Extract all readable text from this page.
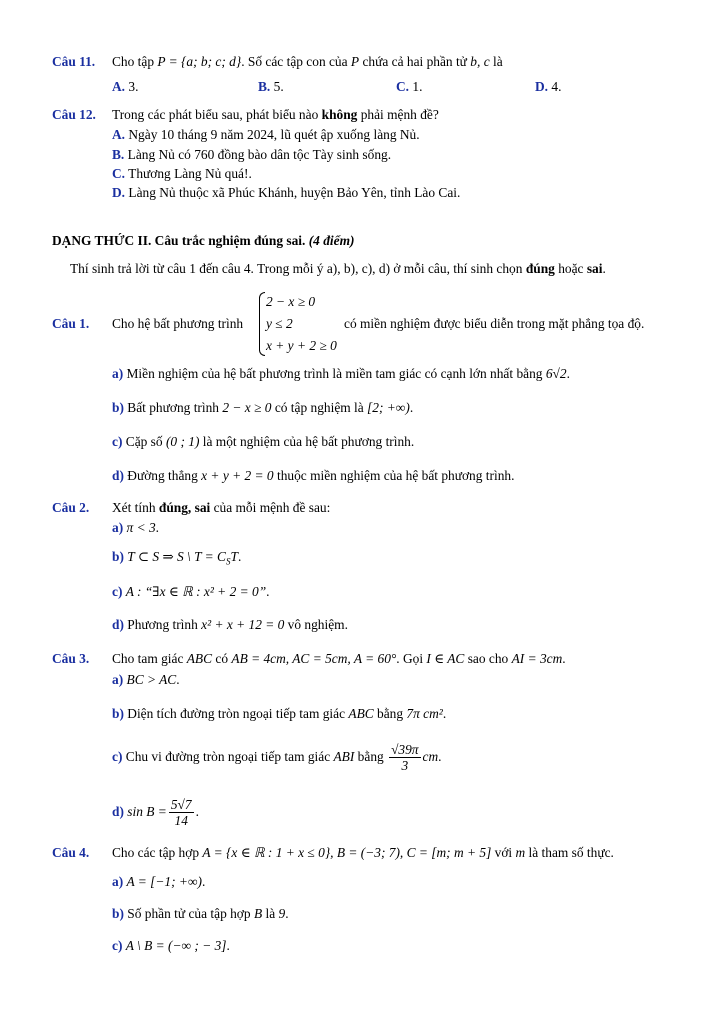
Câu 11. Cho tập P = {a; b; c; d}. Số các tập con của P chứa cả hai phần tử b, c là
A. 3.	B. 5.	C. 1.	D. 4.
Câu 12. Trong các phát biểu sau, phát biểu nào không phải mệnh đề?
A. Ngày 10 tháng 9 năm 2024, lũ quét ập xuống làng Nủ.
B. Làng Nủ có 760 đồng bào dân tộc Tày sinh sống.
C. Thương Làng Nủ quá!.
D. Làng Nủ thuộc xã Phúc Khánh, huyện Bảo Yên, tỉnh Lào Cai.
DẠNG THỨC II. Câu trắc nghiệm đúng sai. (4 điểm)
Thí sinh trả lời từ câu 1 đến câu 4. Trong mỗi ý a), b), c), d) ở mỗi câu, thí sinh chọn đúng hoặc sai.
Câu 1. Cho hệ bất phương trình
2 − x ≥ 0
y ≤ 2
x + y + 2 ≥ 0
có miền nghiệm được biểu diễn trong mặt phẳng tọa độ.
a) Miền nghiệm của hệ bất phương trình là miền tam giác có cạnh lớn nhất bằng 6√2.
b) Bất phương trình 2 − x ≥ 0 có tập nghiệm là [2; +∞).
c) Cặp số (0 ; 1) là một nghiệm của hệ bất phương trình.
d) Đường thẳng x + y + 2 = 0 thuộc miền nghiệm của hệ bất phương trình.
Câu 2. Xét tính đúng, sai của mỗi mệnh đề sau:
a) π < 3.
b) T ⊂ S ⇒ S \ $T = C_ST$.
c) A : “∃x ∈ ℝ : x² + 2 = 0”.
d) Phương trình x² + x + 12 = 0 vô nghiệm.
Câu 3. Cho tam giác ABC có AB = 4cm, AC = 5cm, A = 60°. Gọi I ∈ AC sao cho AI = 3cm.
a) BC > AC.
b) Diện tích đường tròn ngoại tiếp tam giác ABC bằng 7π cm².
c) Chu vi đường tròn ngoại tiếp tam giác ABI bằng $\frac{√39\pi}{3}$ cm.
d) $\sin B = \frac{5√7}{14}$ .
Câu 4. Cho các tập hợp A = {x ∈ ℝ : 1 + x ≤ 0}, B = (−3; 7), C = [m; m + 5] với m là tham số thực.
a) A = [−1; +∞).
b) Số phần tử của tập hợp B là 9.
c) A \ B = (−∞ ; − 3].
